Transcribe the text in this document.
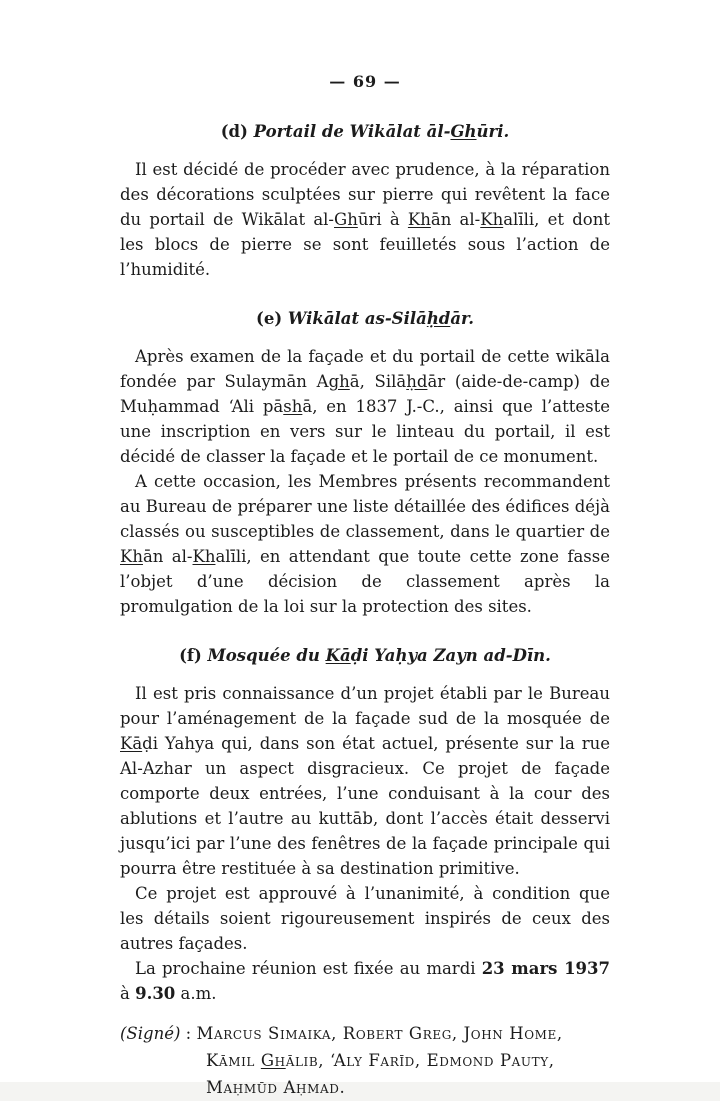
— 69 —
(d) Portail de Wikālat āl-Ghūri.

Il est décidé de procéder avec prudence, à la réparation des décorations sculptées sur pierre qui revêtent la face du portail de Wikālat al-Ghūri à Khān al-Khalīli, et dont les blocs de pierre se sont feuilletés sous l’action de l’humidité.

(e) Wikālat as-Silāḥdār.

Après examen de la façade et du portail de cette wikāla fondée par Sulaymān Aghā, Silāḥdār (aide-de-camp) de Muḥammad ‘Ali pāshā, en 1837 J.-C., ainsi que l’atteste une inscription en vers sur le linteau du portail, il est décidé de classer la façade et le portail de ce monument.

A cette occasion, les Membres présents recommandent au Bureau de préparer une liste détaillée des édifices déjà classés ou susceptibles de classement, dans le quartier de Khān al-Khalīli, en attendant que toute cette zone fasse l’objet d’une décision de classement après la promulgation de la loi sur la protection des sites.

(f) Mosquée du Kāḍi Yaḥya Zayn ad-Dīn.

Il est pris connaissance d’un projet établi par le Bureau pour l’aménagement de la façade sud de la mosquée de Kāḍi Yahya qui, dans son état actuel, présente sur la rue Al-Azhar un aspect disgracieux. Ce projet de façade comporte deux entrées, l’une conduisant à la cour des ablutions et l’autre au kuttāb, dont l’accès était desservi jusqu’ici par l’une des fenêtres de la façade principale qui pourra être restituée à sa destination primitive.

Ce projet est approuvé à l’unanimité, à condition que les détails soient rigoureusement inspirés de ceux des autres façades.

La prochaine réunion est fixée au mardi 23 mars 1937 à 9.30 a.m.

(Signé) : Marcus Simaika, Robert Greg, John Home,
Kāmil Ghālib, ‘Aly Farīd, Edmond Pauty,
Maḥmūd Aḥmad.
